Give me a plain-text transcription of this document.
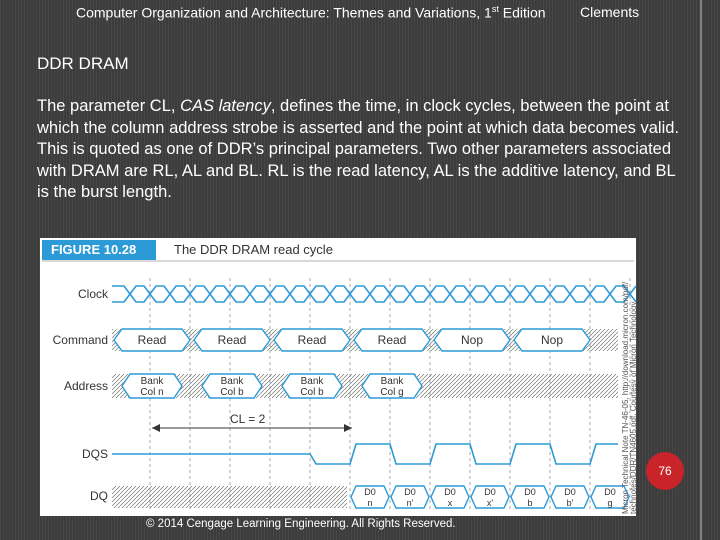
Computer Organization and Architecture: Themes and Variations, 1st Edition Clements
DDR DRAM
The parameter CL, CAS latency, defines the time, in clock cycles, between the point at which the column address strobe is asserted and the point at which data becomes valid. This is quoted as one of DDR’s principal parameters. Two other parameters associated with DRAM are RL, AL and BL. RL is the read latency, AL is the additive latency, and BL is the burst length.
FIGURE 10.28	The DDR DRAM read cycle
Clock
Command
Address
DQS
DQ
Read	Read	Read	Read	Nop	Nop
Bank
Col n
Bank
Col b
Bank
Col b
Bank
Col g
D0
n
D0
n'
D0
x
D0
x'
D0
b
D0
b'
D0
g Micron Technical Note TN-46-05, http://download.micron.com/pdf/ technotes/DDR/TN4605.pdf. Courtesy of Micron Technology.
CL = 2
76
© 2014 Cengage Learning Engineering. All Rights Reserved.
